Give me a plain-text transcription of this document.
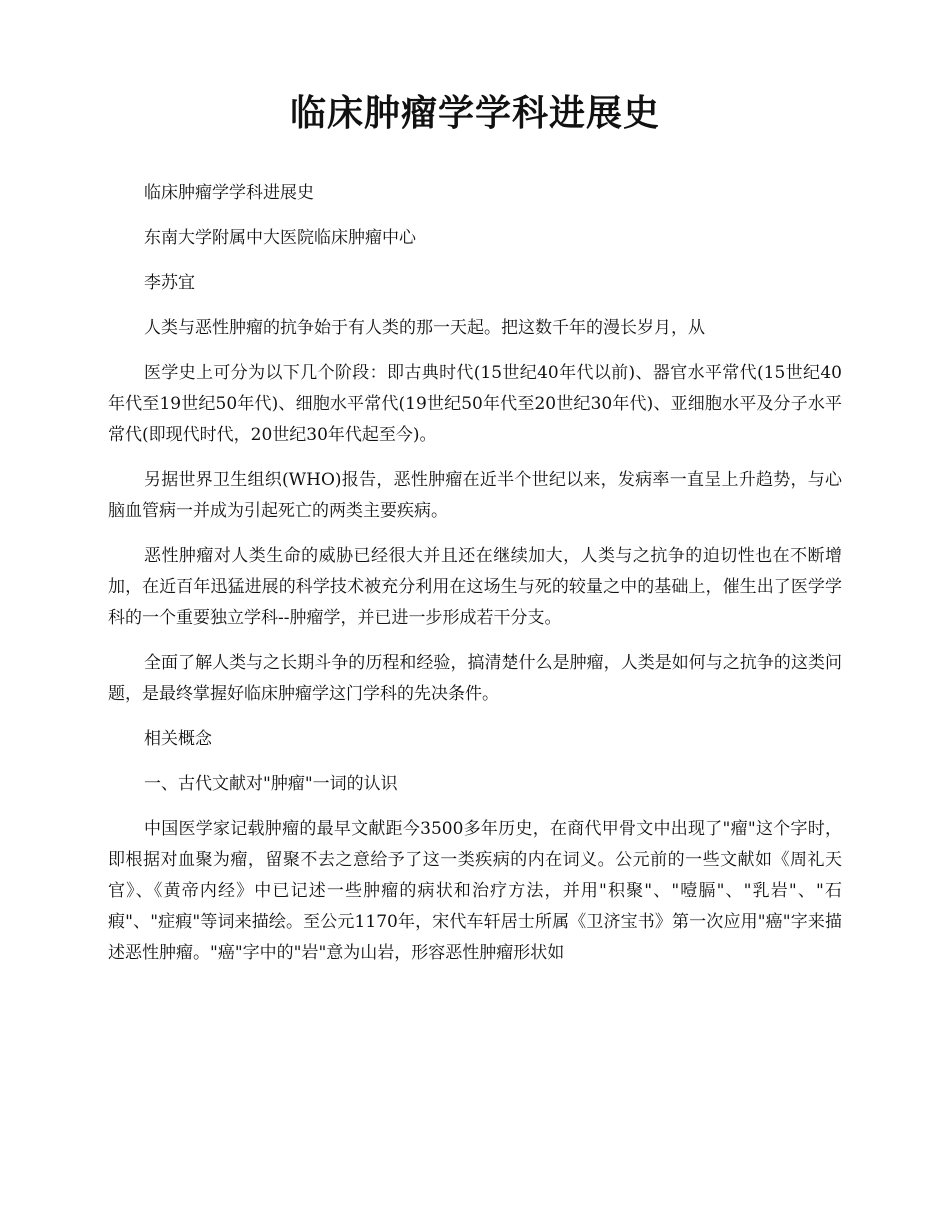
临床肿瘤学学科进展史

临床肿瘤学学科进展史

东南大学附属中大医院临床肿瘤中心

李苏宜

人类与恶性肿瘤的抗争始于有人类的那一天起。把这数千年的漫长岁月，从

医学史上可分为以下几个阶段：即古典时代(15世纪40年代以前)、器官水平常代(15世纪40年代至19世纪50年代)、细胞水平常代(19世纪50年代至20世纪30年代)、亚细胞水平及分子水平常代(即现代时代，20世纪30年代起至今)。

另据世界卫生组织(WHO)报告，恶性肿瘤在近半个世纪以来，发病率一直呈上升趋势，与心脑血管病一并成为引起死亡的两类主要疾病。

恶性肿瘤对人类生命的威胁已经很大并且还在继续加大，人类与之抗争的迫切性也在不断增加，在近百年迅猛进展的科学技术被充分利用在这场生与死的较量之中的基础上，催生出了医学学科的一个重要独立学科--肿瘤学，并已进一步形成若干分支。

全面了解人类与之长期斗争的历程和经验，搞清楚什么是肿瘤，人类是如何与之抗争的这类问题，是最终掌握好临床肿瘤学这门学科的先决条件。

相关概念

一、古代文献对"肿瘤"一词的认识

中国医学家记载肿瘤的最早文献距今3500多年历史，在商代甲骨文中出现了"瘤"这个字时，即根据对血聚为瘤，留聚不去之意给予了这一类疾病的内在词义。公元前的一些文献如《周礼天官》、《黄帝内经》中已记述一些肿瘤的病状和治疗方法，并用"积聚"、"噎膈"、"乳岩"、"石瘕"、"症瘕"等词来描绘。至公元1170年，宋代车轩居士所属《卫济宝书》第一次应用"癌"字来描述恶性肿瘤。"癌"字中的"岩"意为山岩，形容恶性肿瘤形状如
